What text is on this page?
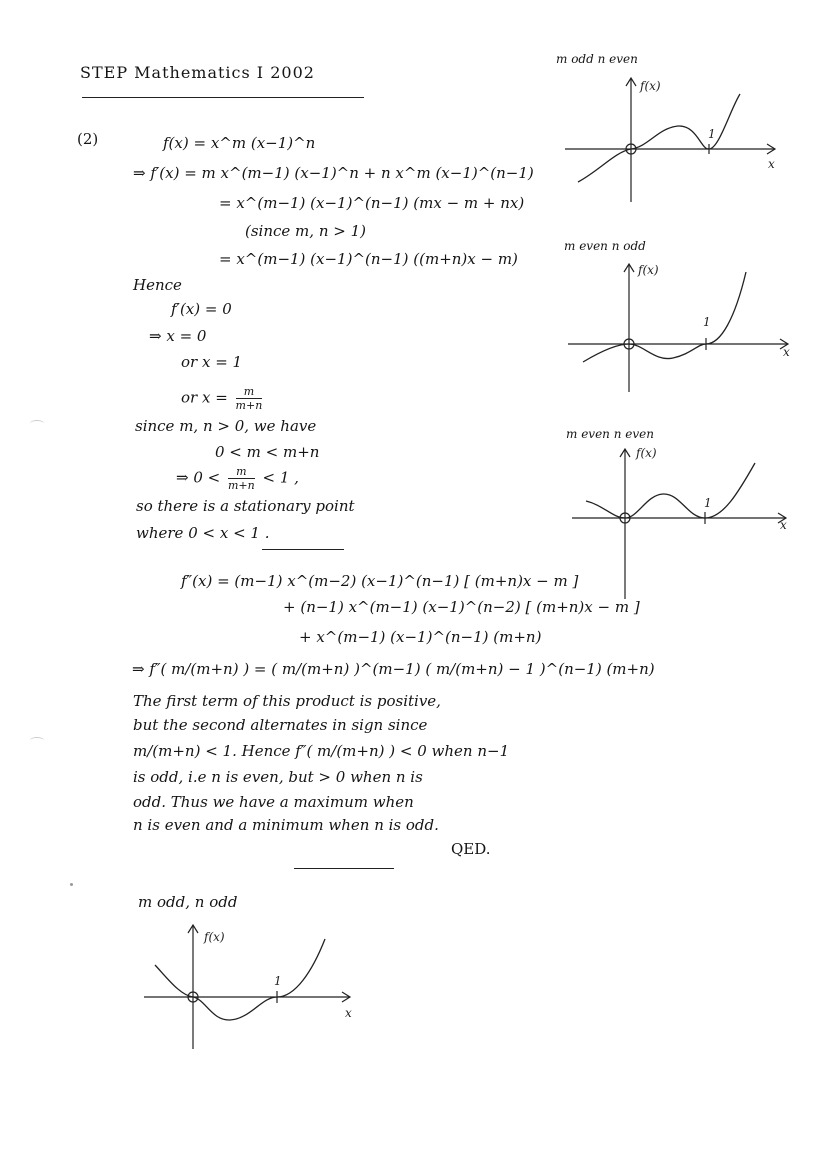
STEP Mathematics I 2002
(2)	f(x) = x^m (x−1)^n
⇒ f′(x) = m x^(m−1) (x−1)^n + n x^m (x−1)^(n−1)
= x^(m−1) (x−1)^(n−1) (mx − m + nx)
(since m, n > 1)
= x^(m−1) (x−1)^(n−1) ((m+n)x − m)
Hence
f′(x) = 0
⇒ x = 0
or x = 1
or $x = \frac{m}{m+n}$
since m, n > 0, we have
0 < m < m+n
⇒ $0 < \frac{m}{m+n} < 1$ ,
so there is a stationary point
where 0 < x < 1 .
f″(x) = (m−1) x^(m−2) (x−1)^(n−1) [ (m+n)x − m ]
+ (n−1) x^(m−1) (x−1)^(n−2) [ (m+n)x − m ]
+ x^(m−1) (x−1)^(n−1) (m+n)
⇒ f″( m/(m+n) ) = ( m/(m+n) )^(m−1) ( m/(m+n) − 1 )^(n−1) (m+n)
The first term of this product is positive,
but the second alternates in sign since
m/(m+n) < 1. Hence f″( m/(m+n) ) < 0 when n−1
is odd, i.e n is even, but > 0 when n is
odd. Thus we have a maximum when
n is even and a minimum when n is odd.
QED.
m odd n even
1
f(x)
x
m even n odd
1
f(x)
x
m even n even
1
f(x)
x
m odd, n odd
1
f(x)
x
